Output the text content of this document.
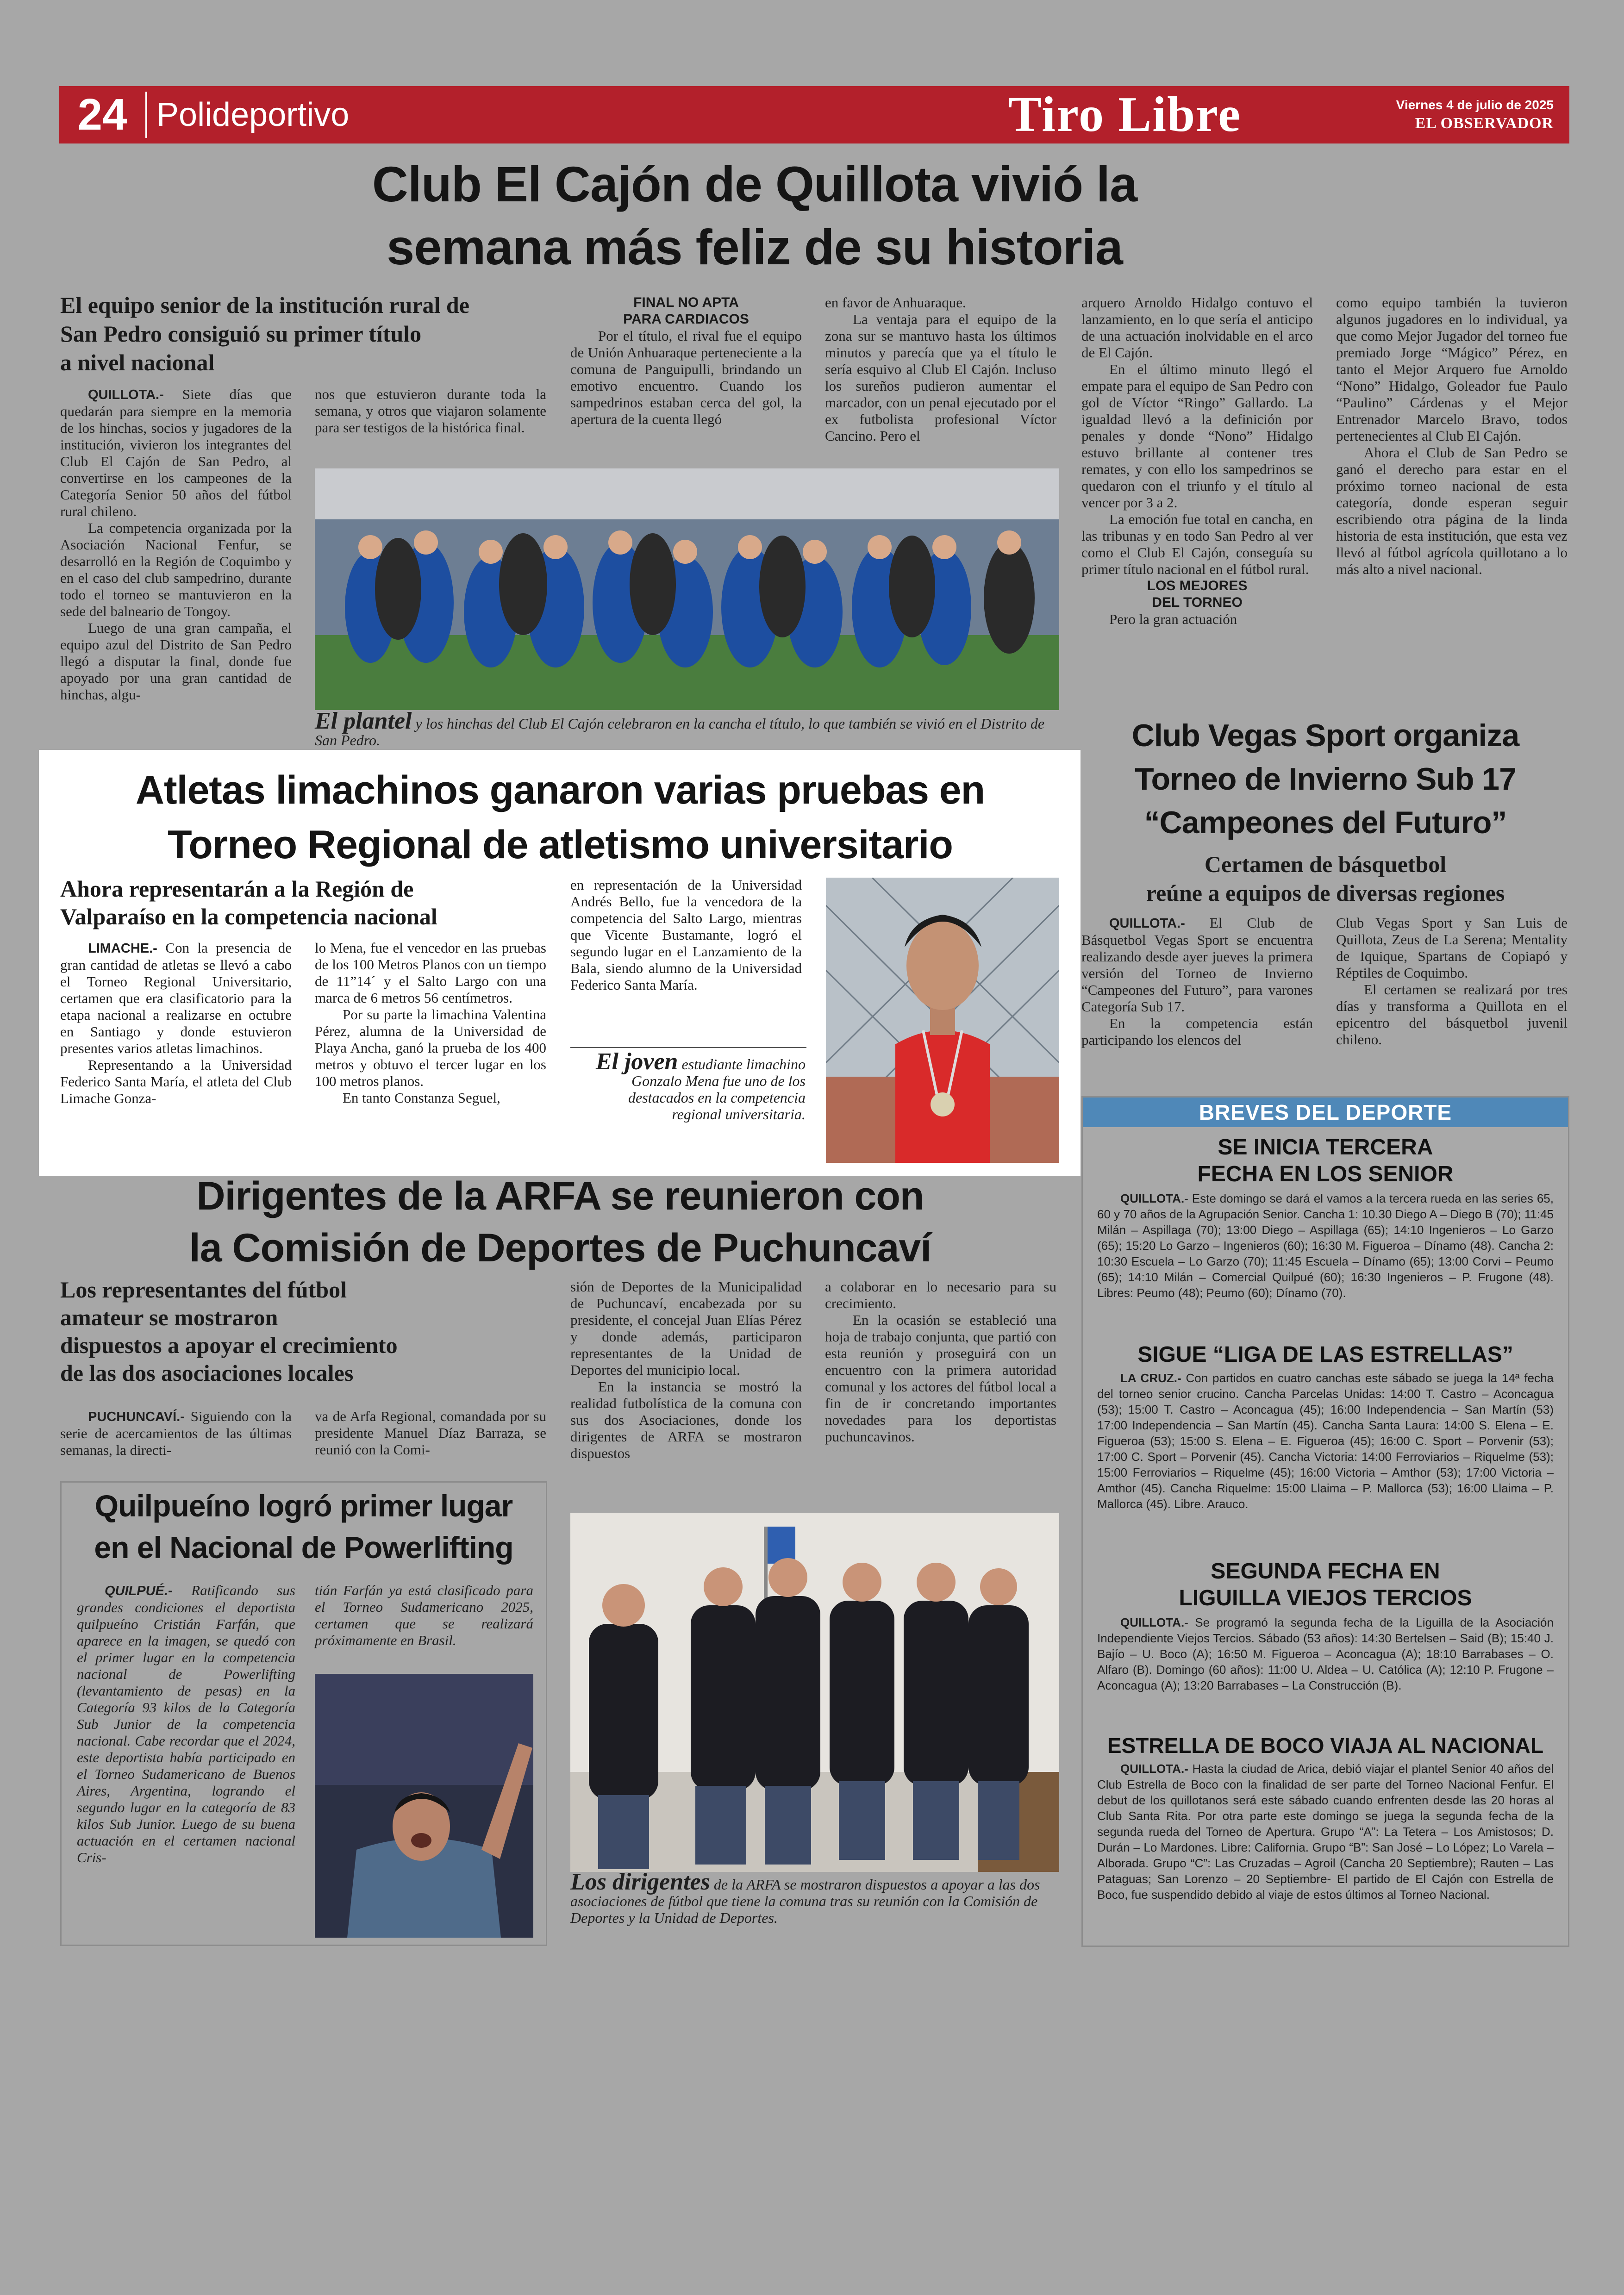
24 Polideportivo	Tiro Libre	Viernes 4 de julio de 2025
EL OBSERVADOR
Club El Cajón de Quillota vivió la
semana más feliz de su historia
El equipo senior de la institución rural de
San Pedro consiguió su primer título
a nivel nacional

QUILLOTA.- Siete días que quedarán para siempre en la memoria de los hinchas, socios y jugadores de la institución, vivieron los integrantes del Club El Cajón de San Pedro, al convertirse en los campeones de la Categoría Senior 50 años del fútbol rural chileno.

La competencia organizada por la Asociación Nacional Fenfur, se desarrolló en la Región de Coquimbo y en el caso del club sampedrino, durante todo el torneo se mantuvieron en la sede del balneario de Tongoy.

Luego de una gran campaña, el equipo azul del Distrito de San Pedro llegó a disputar la final, donde fue apoyado por una gran cantidad de hinchas, algu-

nos que estuvieron durante toda la semana, y otros que viajaron solamente para ser testigos de la histórica final.

FINAL NO APTA
PARA CARDIACOS

Por el título, el rival fue el equipo de Unión Anhuaraque perteneciente a la comuna de Panguipulli, brindando un emotivo encuentro. Cuando los sampedrinos estaban cerca del gol, la apertura de la cuenta llegó

en favor de Anhuaraque.

La ventaja para el equipo de la zona sur se mantuvo hasta los últimos minutos y parecía que ya el título le sería esquivo al Club El Cajón. Incluso los sureños pudieron aumentar el marcador, con un penal ejecutado por el ex futbolista profesional Víctor Cancino. Pero el

arquero Arnoldo Hidalgo contuvo el lanzamiento, en lo que sería el anticipo de una actuación inolvidable en el arco de El Cajón.

En el último minuto llegó el empate para el equipo de San Pedro con gol de Víctor “Ringo” Gallardo. La igualdad llevó a la definición por penales y donde “Nono” Hidalgo estuvo brillante al contener tres remates, y con ello los sampedrinos se quedaron con el triunfo y el título al vencer por 3 a 2.

La emoción fue total en cancha, en las tribunas y en todo San Pedro al ver como el Club El Cajón, conseguía su primer título nacional en el fútbol rural.

LOS MEJORES
DEL TORNEO

Pero la gran actuación

como equipo también la tuvieron algunos jugadores en lo individual, ya que como Mejor Jugador del torneo fue premiado Jorge “Mágico” Pérez, en tanto el Mejor Arquero fue Arnoldo “Nono” Hidalgo, Goleador fue Paulo “Paulino” Cárdenas y el Mejor Entrenador Marcelo Bravo, todos pertenecientes al Club El Cajón.

Ahora el Club de San Pedro se ganó el derecho para estar en el próximo torneo nacional de esta categoría, donde esperan seguir escribiendo otra página de la linda historia de esta institución, que esta vez llevó al fútbol agrícola quillotano a lo más alto a nivel nacional.

El plantel y los hinchas del Club El Cajón celebraron en la cancha el título, lo que también se vivió en el Distrito de San Pedro.
Atletas limachinos ganaron varias pruebas en
Torneo Regional de atletismo universitario
Ahora representarán a la Región de
Valparaíso en la competencia nacional

LIMACHE.- Con la presencia de gran cantidad de atletas se llevó a cabo el Torneo Regional Universitario, certamen que era clasificatorio para la etapa nacional a realizarse en octubre en Santiago y donde estuvieron presentes varios atletas limachinos.

Representando a la Universidad Federico Santa María, el atleta del Club Limache Gonza-

lo Mena, fue el vencedor en las pruebas de los 100 Metros Planos con un tiempo de 11”14´ y el Salto Largo con una marca de 6 metros 56 centímetros.

Por su parte la limachina Valentina Pérez, alumna de la Universidad de Playa Ancha, ganó la prueba de los 400 metros y obtuvo el tercer lugar en los 100 metros planos.

En tanto Constanza Seguel,

en representación de la Universidad Andrés Bello, fue la vencedora de la competencia del Salto Largo, mientras que Vicente Bustamante, logró el segundo lugar en el Lanzamiento de la Bala, siendo alumno de la Universidad Federico Santa María.

El joven estudiante limachino Gonzalo Mena fue uno de los destacados en la competencia regional universitaria.
Club Vegas Sport organiza
Torneo de Invierno Sub 17
“Campeones del Futuro”
Certamen de básquetbol
reúne a equipos de diversas regiones

QUILLOTA.- El Club de Básquetbol Vegas Sport se encuentra realizando desde ayer jueves la primera versión del Torneo de Invierno “Campeones del Futuro”, para varones Categoría Sub 17.

En la competencia están participando los elencos del

Club Vegas Sport y San Luis de Quillota, Zeus de La Serena; Mentality de Iquique, Spartans de Copiapó y Réptiles de Coquimbo.

El certamen se realizará por tres días y transforma a Quillota en el epicentro del básquetbol juvenil chileno.

Dirigentes de la ARFA se reunieron con
la Comisión de Deportes de Puchuncaví
Los representantes del fútbol
amateur se mostraron
dispuestos a apoyar el crecimiento
de las dos asociaciones locales

PUCHUNCAVÍ.- Siguiendo con la serie de acercamientos de las últimas semanas, la directi-

va de Arfa Regional, comandada por su presidente Manuel Díaz Barraza, se reunió con la Comi-

sión de Deportes de la Municipalidad de Puchuncaví, encabezada por su presidente, el concejal Juan Elías Pérez y donde además, participaron representantes de la Unidad de Deportes del municipio local.

En la instancia se mostró la realidad futbolística de la comuna con sus dos Asociaciones, donde los dirigentes de ARFA se mostraron dispuestos

a colaborar en lo necesario para su crecimiento.

En la ocasión se estableció una hoja de trabajo conjunta, que partió con esta reunión y proseguirá con un encuentro con la primera autoridad comunal y los actores del fútbol local a fin de ir concretando importantes novedades para los deportistas puchuncavinos.

Los dirigentes de la ARFA se mostraron dispuestos a apoyar a las dos asociaciones de fútbol que tiene la comuna tras su reunión con la Comisión de Deportes y la Unidad de Deportes.
Quilpueíno logró primer lugar
en el Nacional de Powerlifting

QUILPUÉ.- Ratificando sus grandes condiciones el deportista quilpueíno Cristián Farfán, que aparece en la imagen, se quedó con el primer lugar en la competencia nacional de Powerlifting (levantamiento de pesas) en la Categoría 93 kilos de la Categoría Sub Junior de la competencia nacional. Cabe recordar que el 2024, este deportista había participado en el Torneo Sudamericano de Buenos Aires, Argentina, logrando el segundo lugar en la categoría de 83 kilos Sub Junior. Luego de su buena actuación en el certamen nacional Cris-

tián Farfán ya está clasificado para el Torneo Sudamericano 2025, certamen que se realizará próximamente en Brasil.

BREVES DEL DEPORTE
SE INICIA TERCERA
FECHA EN LOS SENIOR

QUILLOTA.- Este domingo se dará el vamos a la tercera rueda en las series 65, 60 y 70 años de la Agrupación Senior. Cancha 1: 10.30 Diego A – Diego B (70); 11:45 Milán – Aspillaga (70); 13:00 Diego – Aspillaga (65); 14:10 Ingenieros – Lo Garzo (65); 15:20 Lo Garzo – Ingenieros (60); 16:30 M. Figueroa – Dínamo (48). Cancha 2: 10:30 Escuela – Lo Garzo (70); 11:45 Escuela – Dínamo (65); 13:00 Corvi – Peumo (65); 14:10 Milán – Comercial Quilpué (60); 16:30 Ingenieros – P. Frugone (48). Libres: Peumo (48); Peumo (60); Dínamo (70).

SIGUE “LIGA DE LAS ESTRELLAS”

LA CRUZ.- Con partidos en cuatro canchas este sábado se juega la 14ª fecha del torneo senior crucino. Cancha Parcelas Unidas: 14:00 T. Castro – Aconcagua (53); 15:00 T. Castro – Aconcagua (45); 16:00 Independencia – San Martín (53) 17:00 Independencia – San Martín (45). Cancha Santa Laura: 14:00 S. Elena – E. Figueroa (53); 15:00 S. Elena – E. Figueroa (45); 16:00 C. Sport – Porvenir (53); 17:00 C. Sport – Porvenir (45). Cancha Victoria: 14:00 Ferroviarios – Riquelme (53); 15:00 Ferroviarios – Riquelme (45); 16:00 Victoria – Amthor (53); 17:00 Victoria – Amthor (45). Cancha Riquelme: 15:00 Llaima – P. Mallorca (53); 16:00 Llaima – P. Mallorca (45). Libre. Arauco.

SEGUNDA FECHA EN
LIGUILLA VIEJOS TERCIOS

QUILLOTA.- Se programó la segunda fecha de la Liguilla de la Asociación Independiente Viejos Tercios. Sábado (53 años): 14:30 Bertelsen – Said (B); 15:40 J. Bajío – U. Boco (A); 16:50 M. Figueroa – Aconcagua (A); 18:10 Barrabases – O. Alfaro (B). Domingo (60 años): 11:00 U. Aldea – U. Católica (A); 12:10 P. Frugone – Aconcagua (A); 13:20 Barrabases – La Construcción (B).

ESTRELLA DE BOCO VIAJA AL NACIONAL

QUILLOTA.- Hasta la ciudad de Arica, debió viajar el plantel Senior 40 años del Club Estrella de Boco con la finalidad de ser parte del Torneo Nacional Fenfur. El debut de los quillotanos será este sábado cuando enfrenten desde las 20 horas al Club Santa Rita. Por otra parte este domingo se juega la segunda fecha de la segunda rueda del Torneo de Apertura. Grupo “A”: La Tetera – Los Amistosos; D. Durán – Lo Mardones. Libre: California. Grupo “B”: San José – Lo López; Lo Varela – Alborada. Grupo “C”: Las Cruzadas – Agroil (Cancha 20 Septiembre); Rauten – Las Pataguas; San Lorenzo – 20 Septiembre- El partido de El Cajón con Estrella de Boco, fue suspendido debido al viaje de estos últimos al Torneo Nacional.
